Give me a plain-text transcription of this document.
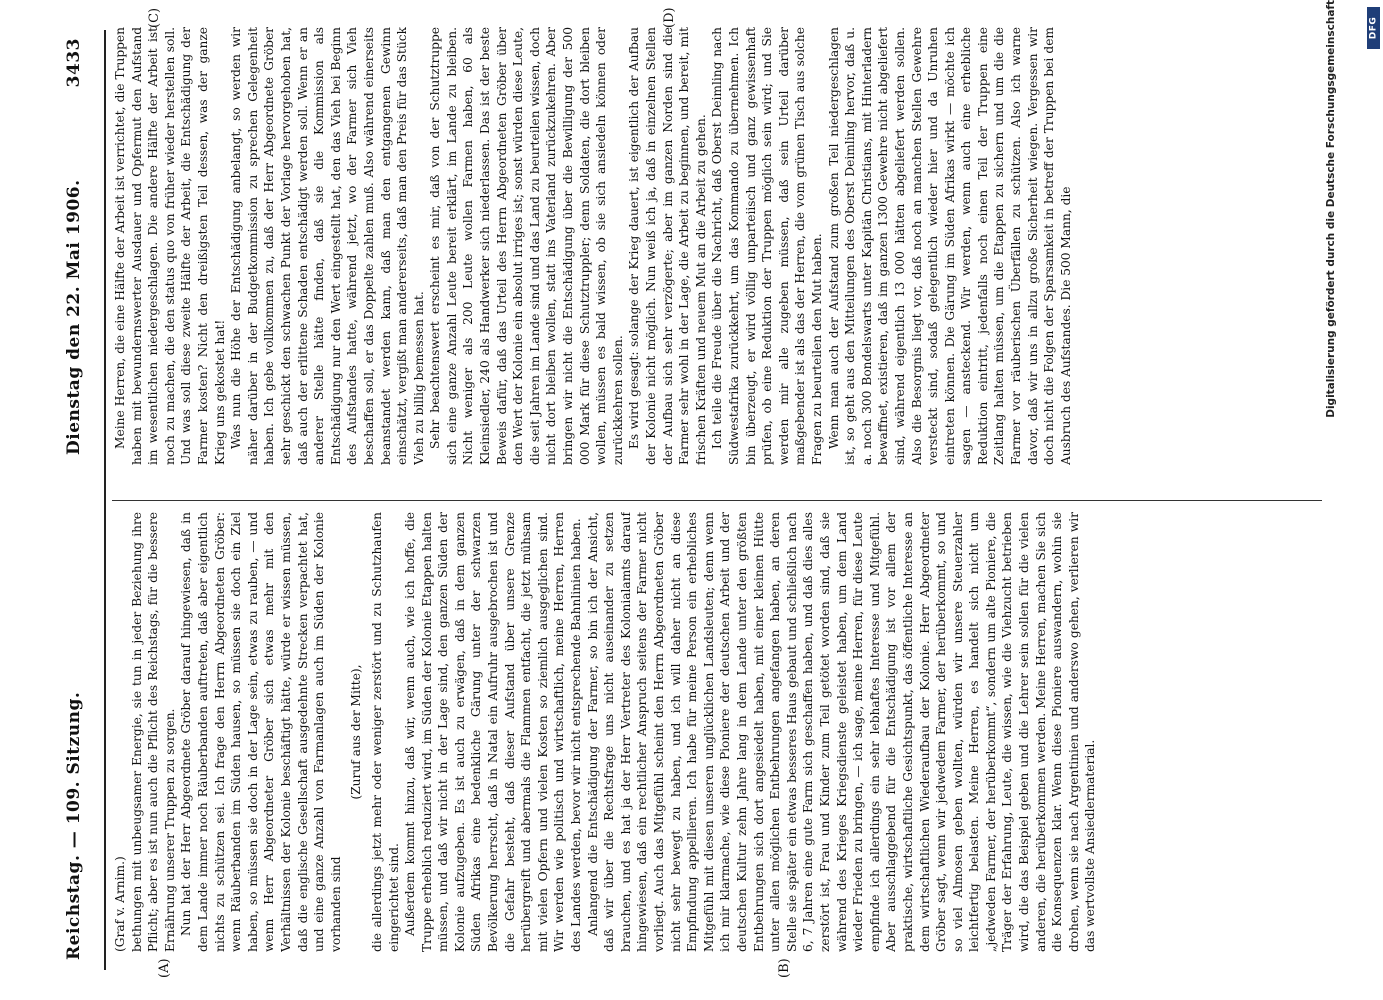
Reichstag. — 109. Sitzung.
Dienstag den 22. Mai 1906.
3433
(A)	(B)
(C)	(D)

(Graf v. Arnim.) bethungen mit unbeugsamer Energie, sie tun in jeder Beziehung ihre Pflicht; aber es ist nun auch die Pflicht des Reichstags, für die bessere Ernährung unserer Truppen zu sorgen. Nun hat der Herr Abgeordnete Gröber darauf hingewiesen, daß in dem Lande immer noch Räuberbanden auftreten, daß aber eigentlich nichts zu schützen sei. Ich frage den Herrn Abgeordneten Gröber: wenn Räuberbanden im Süden hausen, so müssen sie doch ein Ziel haben, so müssen sie doch in der Lage sein, etwas zu rauben, — und wenn Herr Abgeordneter Gröber sich etwas mehr mit den Verhältnissen der Kolonie beschäftigt hätte, würde er wissen müssen, daß die englische Gesellschaft ausgedehnte Strecken verpachtet hat, und eine ganze Anzahl von Farmanlagen auch im Süden der Kolonie vorhanden sind

(Zuruf aus der Mitte), die allerdings jetzt mehr oder weniger zerstört und zu Schutzhaufen eingerichtet sind. Außerdem kommt hinzu, daß wir, wenn auch, wie ich hoffe, die Truppe erheblich reduziert wird, im Süden der Kolonie Etappen halten müssen, und daß wir nicht in der Lage sind, den ganzen Süden der Kolonie aufzugeben. Es ist auch zu erwägen, daß in dem ganzen Süden Afrikas eine bedenkliche Gärung unter der schwarzen Bevölkerung herrscht, daß in Natal ein Aufruhr ausgebrochen ist und die Gefahr besteht, daß dieser Aufstand über unsere Grenze herübergreift und abermals die Flammen entfacht, die jetzt mühsam mit vielen Opfern und vielen Kosten so ziemlich ausgeglichen sind. Wir werden wie politisch und wirtschaftlich, meine Herren, Herren des Landes werden, bevor wir nicht entsprechende Bahnlinien haben. Anlangend die Entschädigung der Farmer, so bin ich der Ansicht, daß wir über die Rechtsfrage uns nicht auseinander zu setzen brauchen, und es hat ja der Herr Vertreter des Kolonialamts darauf hingewiesen, daß ein rechtlicher Anspruch seitens der Farmer nicht vorliegt. Auch das Mitgefühl scheint den Herrn Abgeordneten Gröber nicht sehr bewegt zu haben, und ich will daher nicht an diese Empfindung appellieren. Ich habe für meine Person ein erhebliches Mitgefühl mit diesen unseren unglücklichen Landsleuten; denn wenn ich mir klarmache, wie diese Pioniere der deutschen Arbeit und der deutschen Kultur zehn Jahre lang in dem Lande unter den größten Entbehrungen sich dort angesiedelt haben, mit einer kleinen Hütte unter allen möglichen Entbehrungen angefangen haben, an deren Stelle sie später ein etwas besseres Haus gebaut und schließlich nach 6, 7 Jahren eine gute Farm sich geschaffen haben, und daß dies alles zerstört ist, Frau und Kinder zum Teil getötet worden sind, daß sie während des Krieges Kriegsdienste geleistet haben, um dem Land wieder Frieden zu bringen, — ich sage, meine Herren, für diese Leute empfinde ich allerdings ein sehr lebhaftes Interesse und Mitgefühl. Aber ausschlaggebend für die Entschädigung ist vor allem der praktische, wirtschaftliche Gesichtspunkt, das öffentliche Interesse an dem wirtschaftlichen Wiederaufbau der Kolonie. Herr Abgeordneter Gröber sagt, wenn wir jedwedem Farmer, der herüberkommt, so und so viel Almosen geben wollten, würden wir unsere Steuerzahler leichtfertig belasten. Meine Herren, es handelt sich nicht um „jedweden Farmer, der herüberkommt“, sondern um alte Pioniere, die Träger der Erfahrung, Leute, die wissen, wie die Viehzucht betrieben wird, die das Beispiel geben und die Lehrer sein sollen für die vielen anderen, die herüberkommen werden. Meine Herren, machen Sie sich die Konsequenzen klar. Wenn diese Pioniere auswandern, wohin sie drohen, wenn sie nach Argentinien und anderswo gehen, verlieren wir das wertvollste Ansiedlermaterial.

Meine Herren, die eine Hälfte der Arbeit ist verrichtet, die Truppen haben mit bewundernswerter Ausdauer und Opfermut den Aufstand im wesentlichen niedergeschlagen. Die andere Hälfte der Arbeit ist noch zu machen, die den status quo von früher wieder herstellen soll. Und was soll diese zweite Hälfte der Arbeit, die Entschädigung der Farmer kosten? Nicht den dreißigsten Teil dessen, was der ganze Krieg uns gekostet hat! Was nun die Höhe der Entschädigung anbelangt, so werden wir näher darüber in der Budgetkommission zu sprechen Gelegenheit haben. Ich gebe vollkommen zu, daß der Herr Abgeordnete Gröber sehr geschickt den schwachen Punkt der Vorlage hervorgehoben hat, daß auch der erlittene Schaden entschädigt werden soll. Wenn er an anderer Stelle hätte finden, daß sie die Kommission als Entschädigung nur den Wert eingestellt hat, den das Vieh bei Beginn des Aufstandes hatte, während jetzt, wo der Farmer sich Vieh beschaffen soll, er das Doppelte zahlen muß. Also während einerseits beanstandet werden kann, daß man den entgangenen Gewinn einschätzt, vergißt man andererseits, daß man den Preis für das Stück Vieh zu billig bemessen hat. Sehr beachtenswert erscheint es mir, daß von der Schutztruppe sich eine ganze Anzahl Leute bereit erklärt, im Lande zu bleiben. Nicht weniger als 200 Leute wollen Farmen haben, 60 als Kleinsiedler, 240 als Handwerker sich niederlassen. Das ist der beste Beweis dafür, daß das Urteil des Herrn Abgeordneten Gröber über den Wert der Kolonie ein absolut irriges ist; sonst würden diese Leute, die seit Jahren im Lande sind und das Land zu beurteilen wissen, doch nicht dort bleiben wollen, statt ins Vaterland zurückzukehren. Aber bringen wir nicht die Entschädigung über die Bewilligung der 500 000 Mark für diese Schutztruppler; denn Soldaten, die dort bleiben wollen, müssen es bald wissen, ob sie sich ansiedeln können oder zurückkehren sollen. Es wird gesagt: solange der Krieg dauert, ist eigentlich der Aufbau der Kolonie nicht möglich. Nun weiß ich ja, daß in einzelnen Stellen der Aufbau sich sehr verzögerte; aber im ganzen Norden sind die Farmer sehr wohl in der Lage, die Arbeit zu beginnen, und bereit, mit frischen Kräften und neuem Mut an die Arbeit zu gehen. Ich teile die Freude über die Nachricht, daß Oberst Deimling nach Südwestafrika zurückkehrt, um das Kommando zu übernehmen. Ich bin überzeugt, er wird völlig unparteiisch und ganz gewissenhaft prüfen, ob eine Reduktion der Truppen möglich sein wird; und Sie werden mir alle zugeben müssen, daß sein Urteil darüber maßgebender ist als das der Herren, die vom grünen Tisch aus solche Fragen zu beurteilen den Mut haben. Wenn man auch der Aufstand zum großen Teil niedergeschlagen ist, so geht aus den Mitteilungen des Oberst Deimling hervor, daß u. a. noch 300 Bondelswarts unter Kapitän Christians, mit Hinterladern bewaffnet, existieren, daß im ganzen 1300 Gewehre nicht abgeliefert sind, während eigentlich 13 000 hätten abgeliefert werden sollen. Also die Besorgnis liegt vor, daß noch an manchen Stellen Gewehre versteckt sind, sodaß gelegentlich wieder hier und da Unruhen eintreten können. Die Gärung im Süden Afrikas wirkt — möchte ich sagen — ansteckend. Wir werden, wenn auch eine erhebliche Reduktion eintritt, jedenfalls noch einen Teil der Truppen eine Zeitlang halten müssen, um die Etappen zu sichern und um die die Farmer vor räuberischen Überfällen zu schützen. Also ich warne davor, daß wir uns in allzu große Sicherheit wiegen. Vergessen wir doch nicht die Folgen der Sparsamkeit in betreff der Truppen bei dem Ausbruch des Aufstandes. Die 500 Mann, die	Digitalisierung gefördert durch die Deutsche Forschungsgemeinschaft	DFG
